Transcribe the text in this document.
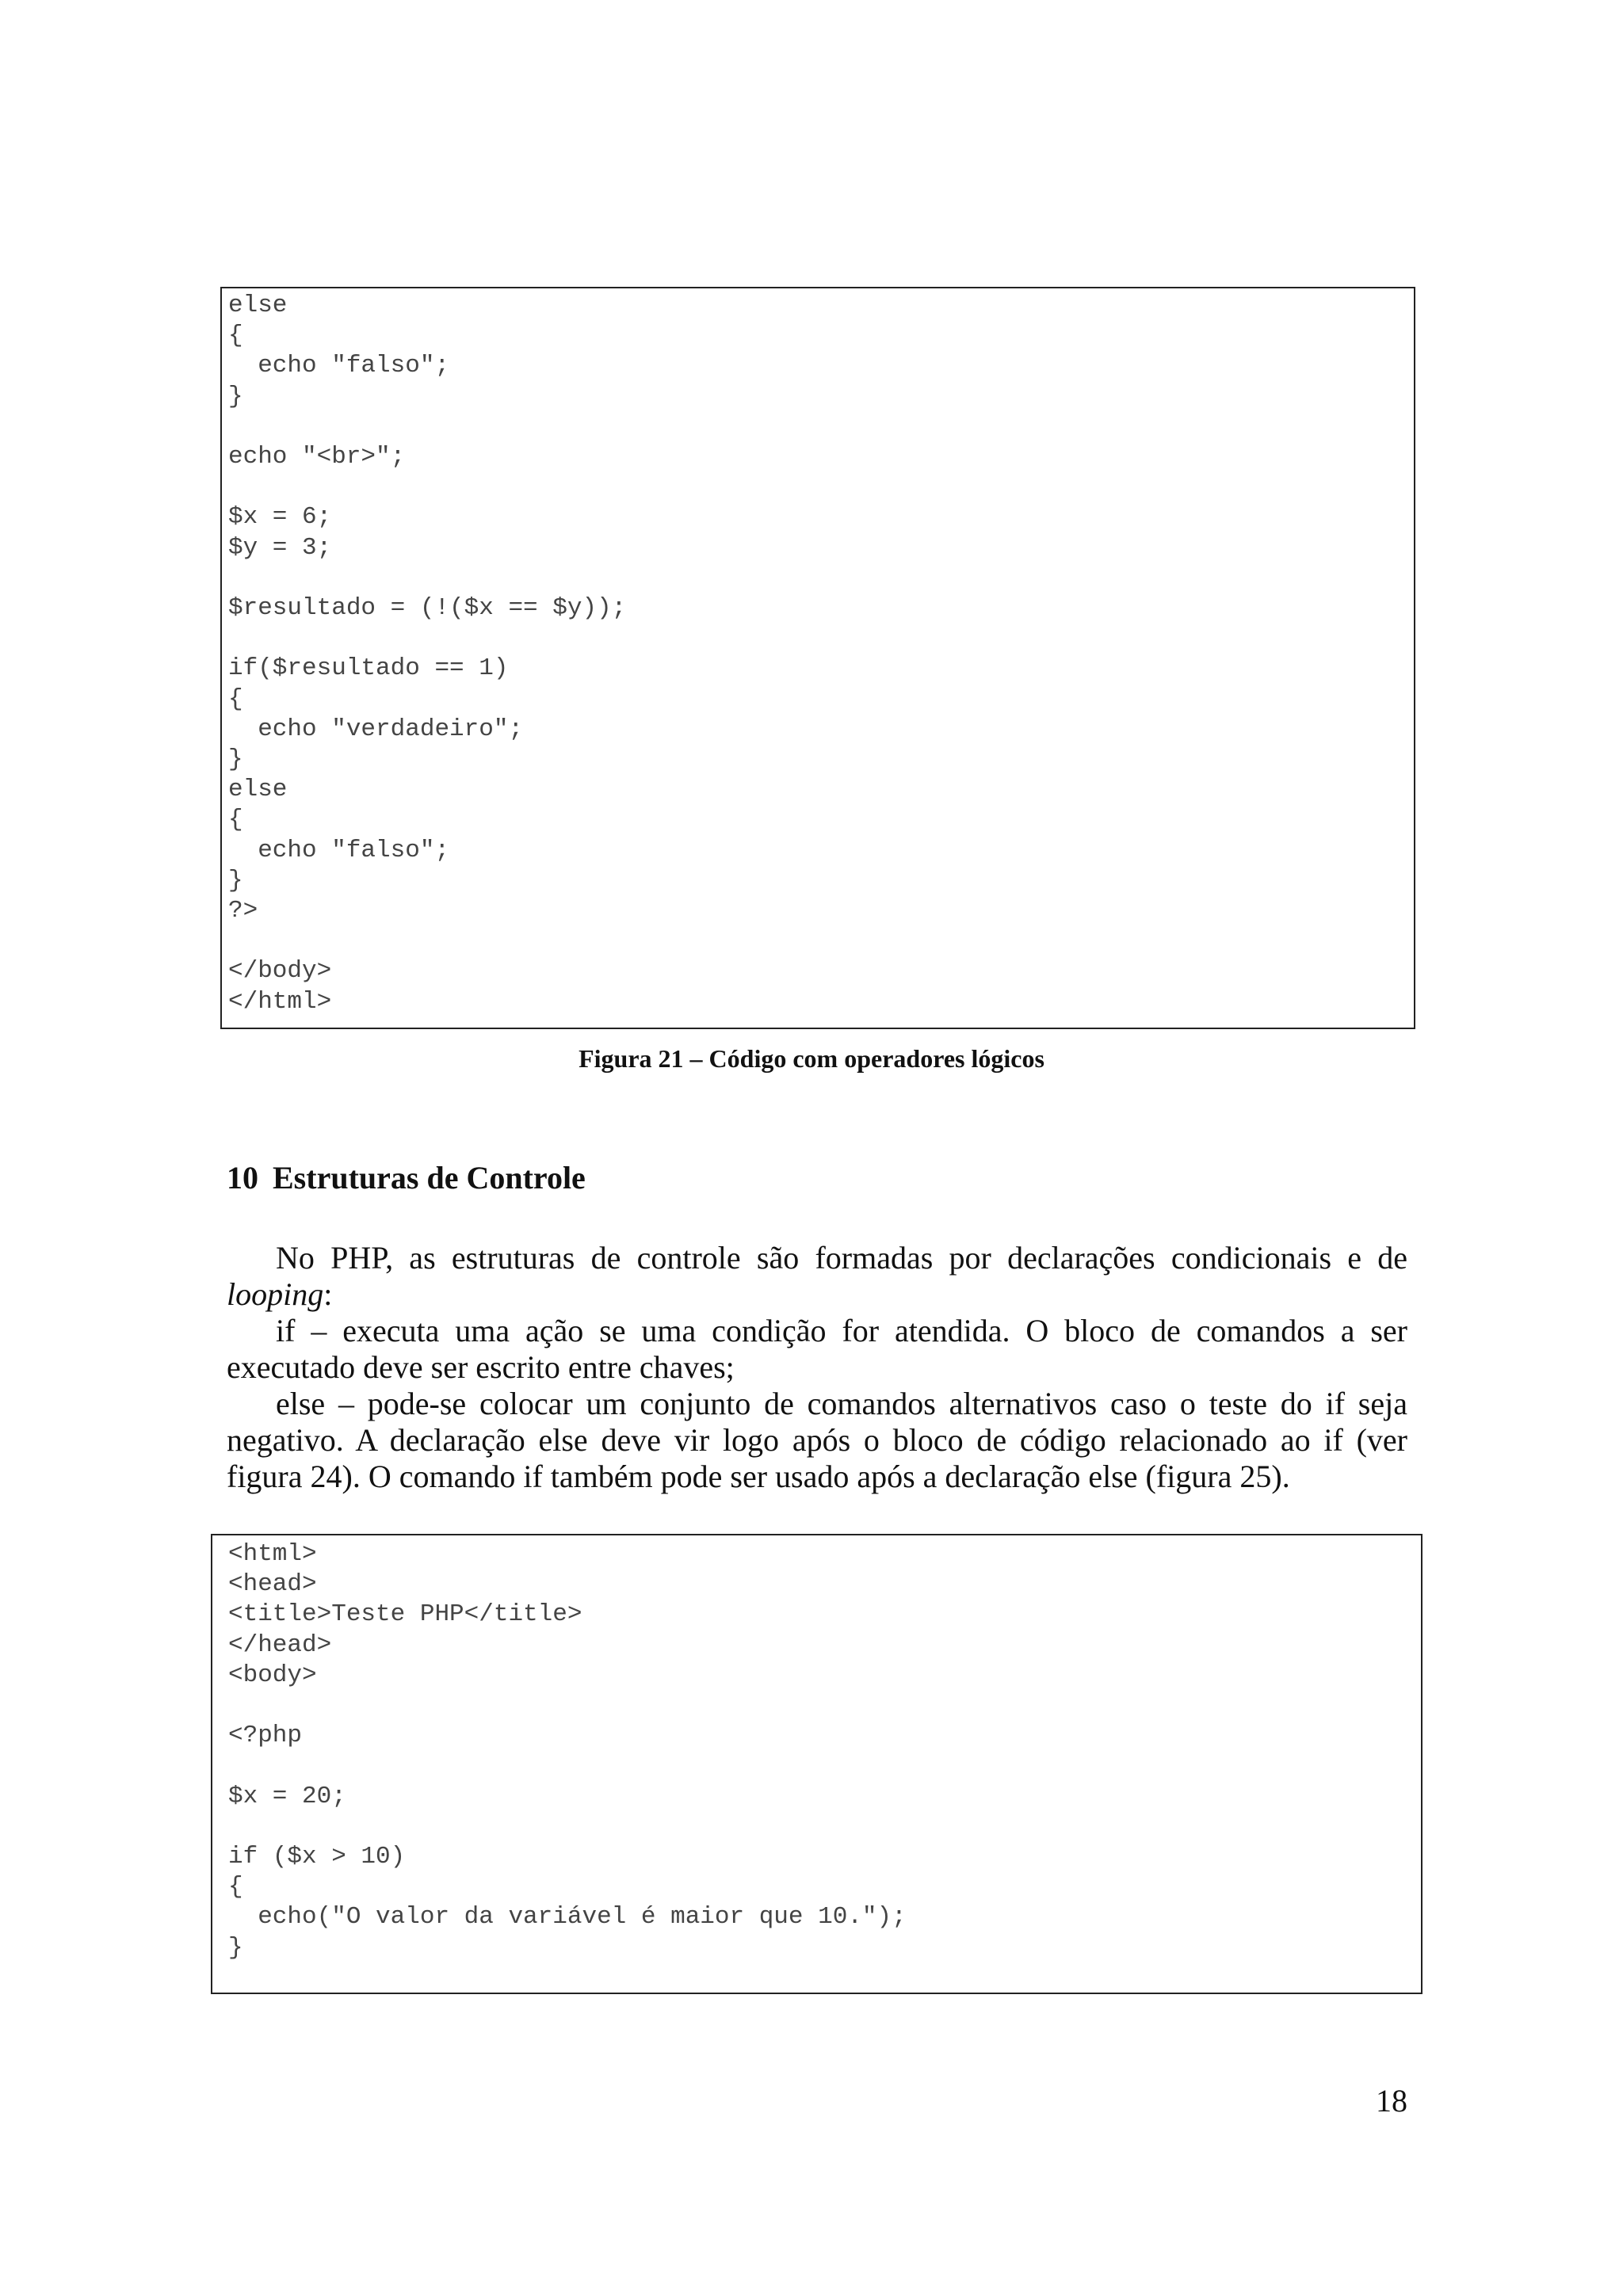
else
{
echo "falso";
}

echo "<br>";

$x = 6;
$y = 3;

$resultado = (!($x == $y));

if($resultado == 1)
{
echo "verdadeiro";
}
else
{
echo "falso";
}
?>

</body>
</html>
Figura 21 – Código com operadores lógicos
10 Estruturas de Controle

No PHP, as estruturas de controle são formadas por declarações condicionais e de looping:

if – executa uma ação se uma condição for atendida. O bloco de comandos a ser executado deve ser escrito entre chaves;

else – pode-se colocar um conjunto de comandos alternativos caso o teste do if seja negativo. A declaração else deve vir logo após o bloco de código relacionado ao if (ver figura 24). O comando if também pode ser usado após a declaração else (figura 25).

<html>
<head>
<title>Teste PHP</title>
</head>
<body>

<?php

$x = 20;

if ($x > 10)
{
echo("O valor da variável é maior que 10.");
}
18
